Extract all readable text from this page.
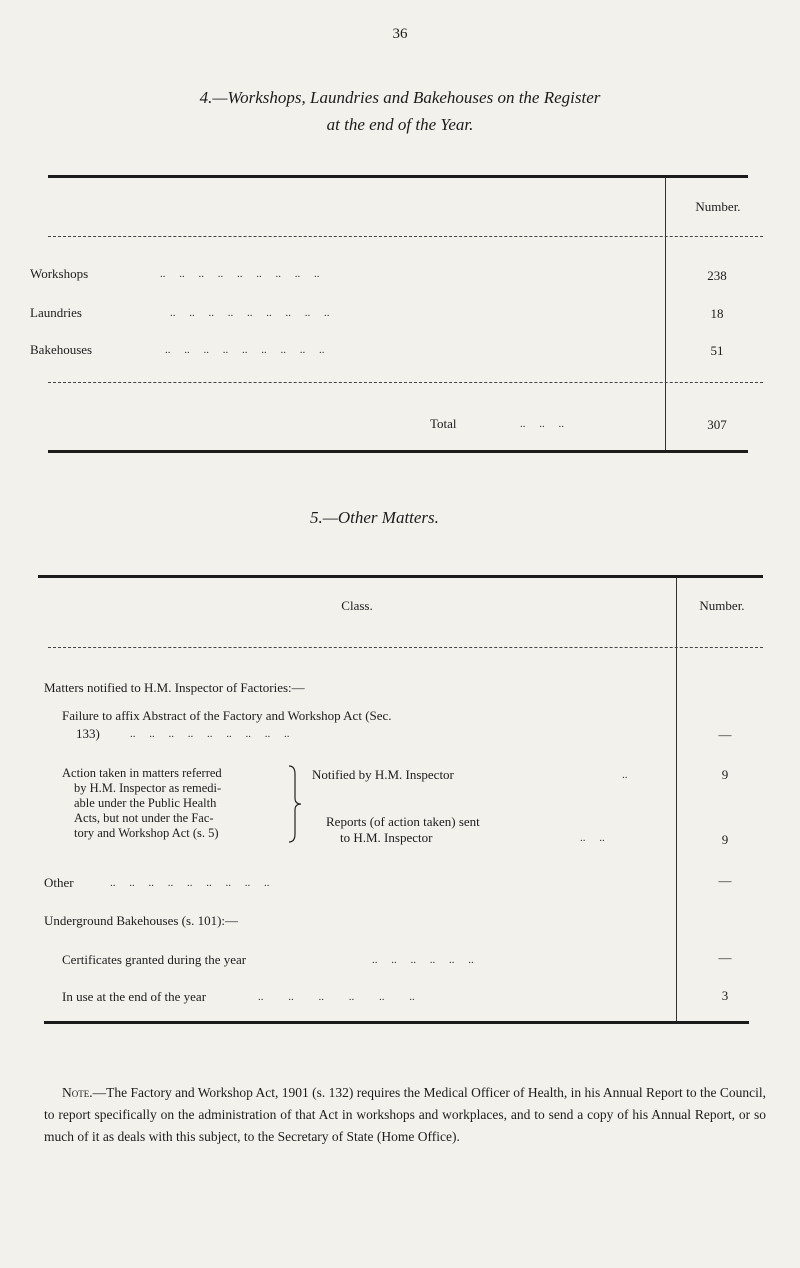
36
4.—Workshops, Laundries and Bakehouses on the Register
at the end of the Year.
Number.
Workshops	..     ..     ..     ..     ..     ..     ..     ..     ..	238
Laundries	..     ..     ..     ..     ..     ..     ..     ..     ..	18
Bakehouses	..     ..     ..     ..     ..     ..     ..     ..     ..	51
Total	..     ..     ..	307
5.—Other Matters.
Class.	Number.
Matters notified to H.M. Inspector of Factories:—
Failure to affix Abstract of the Factory and Workshop Act (Sec.
133)	..     ..     ..     ..     ..     ..     ..     ..     ..	—
Action taken in matters referred
by H.M. Inspector as remedi-
able under the Public Health
Acts, but not under the Fac-
tory and Workshop Act (s. 5)
Notified by H.M. Inspector	..	9
Reports (of action taken) sent
to H.M. Inspector	..     ..	9
Other	..     ..     ..     ..     ..     ..     ..     ..     ..	—
Underground Bakehouses (s. 101):—
Certificates granted during the year	..     ..     ..     ..     ..     ..	—
In use at the end of the year	..         ..         ..         ..         ..         ..	3
Note.—The Factory and Workshop Act, 1901 (s. 132) requires the Medical Officer of Health, in his Annual Report to the Council, to report specifically on the administration of that Act in workshops and workplaces, and to send a copy of his Annual Report, or so much of it as deals with this subject, to the Secretary of State (Home Office).
